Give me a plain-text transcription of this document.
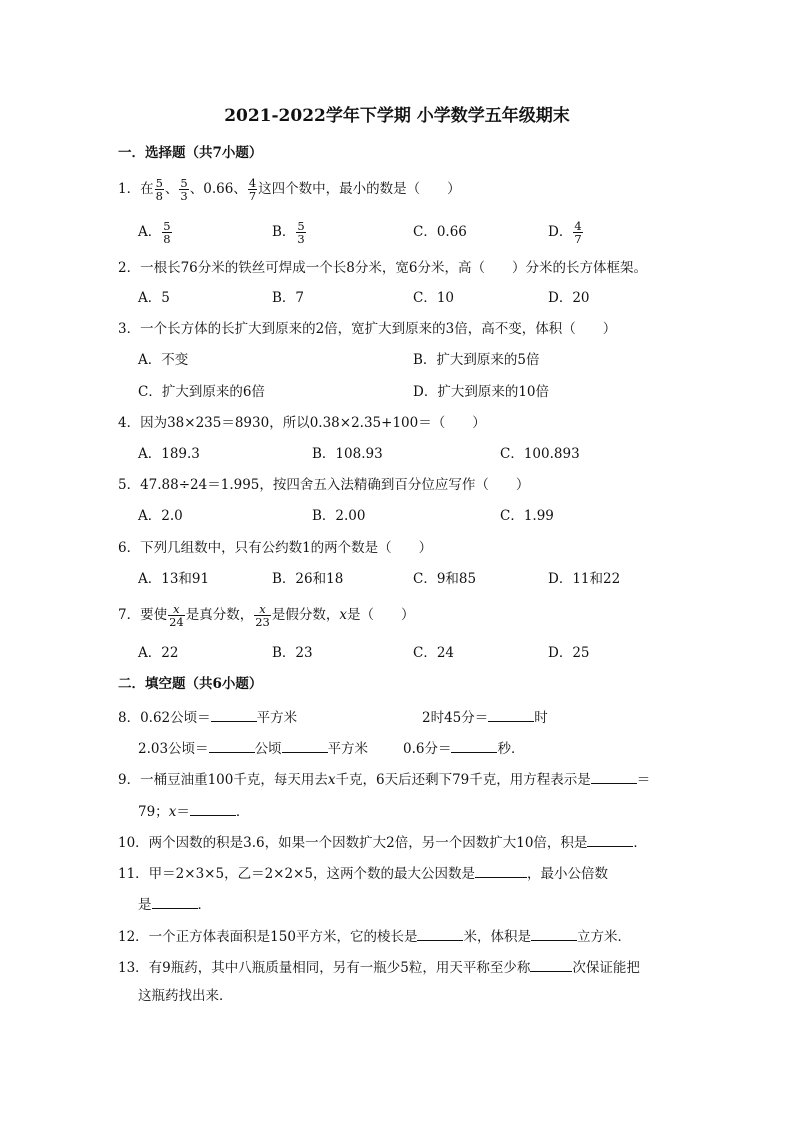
2021-2022学年下学期 小学数学五年级期末
一．选择题（共7小题）
1．在 $\frac{5}{8}$ 、 $\frac{5}{3}$ 、0.66、 $\frac{4}{7}$ 这四个数中，最小的数是（　　）
A． $\frac{5}{8}$	B． $\frac{5}{3}$	C．0.66	D． $\frac{4}{7}$
2．一根长76分米的铁丝可焊成一个长8分米，宽6分米，高（　　）分米的长方体框架。
A．5	B．7	C．10	D．20
3．一个长方体的长扩大到原来的2倍，宽扩大到原来的3倍，高不变，体积（　　）
A．不变	B．扩大到原来的5倍
C．扩大到原来的6倍	D．扩大到原来的10倍
4．因为38×235＝8930，所以0.38×2.35+100＝（　　）
A．189.3	B．108.93	C．100.893
5．47.88÷24＝1.995，按四舍五入法精确到百分位应写作（　　）
A．2.0	B．2.00	C．1.99
6．下列几组数中，只有公约数1的两个数是（　　）
A．13和91	B．26和18	C．9和85	D．11和22
7．要使 $\frac{x}{24}$ 是真分数， $\frac{x}{23}$ 是假分数，x是（　　）
A．22	B．23	C．24	D．25
二．填空题（共6小题）
8．0.62公顷＝	平方米	2时45分＝	时
2.03公顷＝	公顷	平方米	0.6分＝	秒．
9．一桶豆油重100千克，每天用去x千克，6天后还剩下79千克，用方程表示是	＝
79；x＝	．
10．两个因数的积是3.6，如果一个因数扩大2倍，另一个因数扩大10倍，积是	．
11．甲＝2×3×5，乙＝2×2×5，这两个数的最大公因数是	，最小公倍数
是	．
12．一个正方体表面积是150平方米，它的棱长是	米，体积是	立方米．
13．有9瓶药，其中八瓶质量相同，另有一瓶少5粒，用天平称至少称	次保证能把
这瓶药找出来．
